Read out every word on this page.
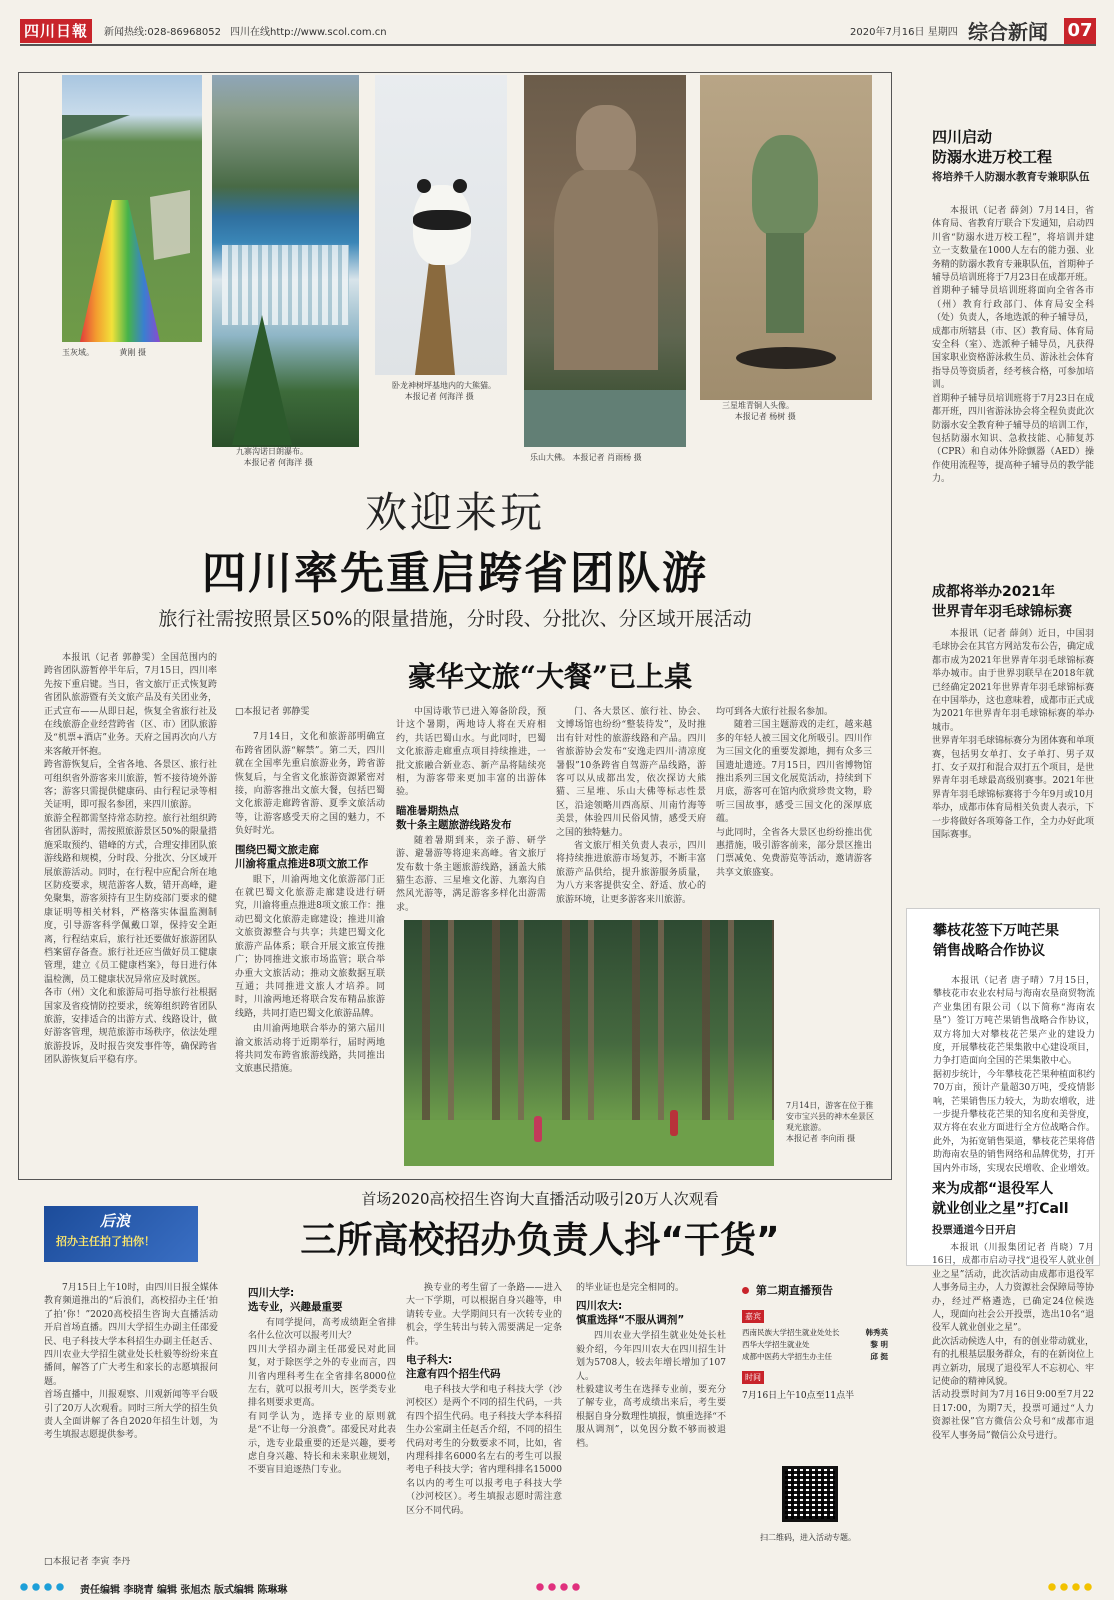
四川日報	新闻热线:028-86968052 四川在线http://www.scol.com.cn	2020年7月16日 星期四 综合新闻 07
玉灰域。          黄刚 摄
九寨沟诺日朗瀑布。
本报记者 何海洋 摄
卧龙神树坪基地内的大熊猫。
本报记者 何海洋 摄
乐山大佛。 本报记者 肖雨杨 摄
三星堆青铜人头像。
本报记者 杨树 摄
欢迎来玩
四川率先重启跨省团队游
旅行社需按照景区50%的限量措施，分时段、分批次、分区域开展活动
豪华文旅“大餐”已上桌
本报讯（记者 郭静雯）全国范围内的跨省团队游暂停半年后，7月15日，四川率先按下重启键。当日，省文旅厅正式恢复跨省团队旅游暨有关文旅产品及有关团业务，正式宣布——从即日起，恢复全省旅行社及在线旅游企业经营跨省（区、市）团队旅游及“机票+酒店”业务。天府之国再次向八方来客敞开怀抱。
跨省游恢复后，全省各地、各景区、旅行社可组织省外游客来川旅游，暂不接待境外游客；游客只需提供健康码、由行程记录等相关证明，即可报名参团，来四川旅游。
旅游全程都需坚持常态防控。旅行社组织跨省团队游时，需按照旅游景区50%的限量措施采取预约、错峰的方式，合理安排团队旅游线路和规模，分时段、分批次、分区域开展旅游活动。同时，在行程中应配合所在地区防疫要求，规范游客人数，错开高峰，避免聚集，游客须持有卫生防疫部门要求的健康证明等相关材料，严格落实体温监测制度，引导游客科学佩戴口罩，保持安全距离，行程结束后，旅行社还要做好旅游团队档案留存备查。旅行社还应当做好员工健康管理，建立《员工健康档案》，每日进行体温检测，员工健康状况异常应及时就医。
各市（州）文化和旅游局可指导旅行社根据国家及省疫情防控要求，统筹组织跨省团队旅游，安排适合的出游方式、线路设计，做好游客管理，规范旅游市场秩序，依法处理旅游投诉，及时报告突发事件等，确保跨省团队游恢复后平稳有序。
□本报记者 郭静雯
7月14日，文化和旅游部明确宣布跨省团队游“解禁”。第二天，四川就在全国率先重启旅游业务，跨省游恢复后，与全省文化旅游资源紧密对接，向游客推出文旅大餐，包括巴蜀文化旅游走廊跨省游、夏季文旅活动等，让游客感受天府之国的魅力，不负好时光。
围绕巴蜀文旅走廊
川渝将重点推进8项文旅工作
眼下，川渝两地文化旅游部门正在就巴蜀文化旅游走廊建设进行研究，川渝将重点推进8项文旅工作：推动巴蜀文化旅游走廊建设；推进川渝文旅资源整合与共享；共建巴蜀文化旅游产品体系；联合开展文旅宣传推广；协同推进文旅市场监管；联合举办重大文旅活动；推动文旅数据互联互通；共同推进文旅人才培养。同时，川渝两地还将联合发布精品旅游线路，共同打造巴蜀文化旅游品牌。
由川渝两地联合举办的第六届川渝文旅活动将于近期举行，届时两地将共同发布跨省旅游线路，共同推出文旅惠民措施。
中国诗歌节已进入筹备阶段，预计这个暑期，两地诗人将在天府相约，共话巴蜀山水。与此同时，巴蜀文化旅游走廊重点项目持续推进，一批文旅融合新业态、新产品将陆续亮相，为游客带来更加丰富的出游体验。
瞄准暑期热点
数十条主题旅游线路发布
随着暑期到来，亲子游、研学游、避暑游等将迎来高峰。省文旅厅发布数十条主题旅游线路，涵盖大熊猫生态游、三星堆文化游、九寨沟自然风光游等，满足游客多样化出游需求。
门、各大景区、旅行社、协会、文博场馆也纷纷“整装待发”，及时推出有针对性的旅游线路和产品。四川省旅游协会发布“安逸走四川·清凉度暑假”10条跨省自驾游产品线路，游客可以从成都出发，依次探访大熊猫、三星堆、乐山大佛等标志性景区，沿途领略川西高原、川南竹海等美景，体验四川民俗风情，感受天府之国的独特魅力。
省文旅厅相关负责人表示，四川将持续推进旅游市场复苏，不断丰富旅游产品供给，提升旅游服务质量，为八方来客提供安全、舒适、放心的旅游环境，让更多游客来川旅游。
均可到各大旅行社报名参加。
随着三国主题游戏的走红，越来越多的年轻人被三国文化所吸引。四川作为三国文化的重要发源地，拥有众多三国遗址遗迹。7月15日，四川省博物馆推出系列三国文化展览活动，持续到下月底，游客可在馆内欣赏珍贵文物，聆听三国故事，感受三国文化的深厚底蕴。
与此同时，全省各大景区也纷纷推出优惠措施，吸引游客前来，部分景区推出门票减免、免费游览等活动，邀请游客共享文旅盛宴。
7月14日，游客在位于雅安市宝兴县的神木垒景区观光旅游。
本报记者 李向雨 摄
四川启动
防溺水进万校工程
将培养千人防溺水教育专兼职队伍
本报讯（记者 薛剑）7月14日，省体育局、省教育厅联合下发通知，启动四川省“防溺水进万校工程”，将培训并建立一支数量在1000人左右的能力强、业务精的防溺水教育专兼职队伍，首期种子辅导员培训班将于7月23日在成都开班。
首期种子辅导员培训班将面向全省各市（州）教育行政部门、体育局安全科（处）负责人，各地选派的种子辅导员，成都市所辖县（市、区）教育局、体育局安全科（室）、选派种子辅导员，凡获得国家职业资格游泳救生员、游泳社会体育指导员等资质者，经考核合格，可参加培训。
首期种子辅导员培训班将于7月23日在成都开班，四川省游泳协会将全程负责此次防溺水安全教育种子辅导员的培训工作，包括防溺水知识、急救技能、心肺复苏（CPR）和自动体外除颤器（AED）操作使用流程等，提高种子辅导员的教学能力。
成都将举办2021年
世界青年羽毛球锦标赛
本报讯（记者 薛剑）近日，中国羽毛球协会在其官方网站发布公告，确定成都市成为2021年世界青年羽毛球锦标赛举办城市。由于世界羽联早在2018年就已经确定2021年世界青年羽毛球锦标赛在中国举办，这也意味着，成都市正式成为2021年世界青年羽毛球锦标赛的举办城市。
世界青年羽毛球锦标赛分为团体赛和单项赛，包括男女单打、女子单打、男子双打、女子双打和混合双打五个项目，是世界青年羽毛球最高级别赛事。2021年世界青年羽毛球锦标赛将于今年9月或10月举办，成都市体育局相关负责人表示，下一步将做好各项筹备工作，全力办好此项国际赛事。
攀枝花签下万吨芒果
销售战略合作协议
本报讯（记者 唐子晴）7月15日，攀枝花市农业农村局与海南农垦商贸物流产业集团有限公司（以下简称“海南农垦”）签订万吨芒果销售战略合作协议，双方将加大对攀枝花芒果产业的建设力度，开展攀枝花芒果集散中心建设项目，力争打造面向全国的芒果集散中心。
据初步统计，今年攀枝花芒果种植面积约70万亩，预计产量超30万吨，受疫情影响，芒果销售压力较大，为助农增收，进一步提升攀枝花芒果的知名度和美誉度，双方将在农业方面进行全方位战略合作。
此外，为拓宽销售渠道，攀枝花芒果将借助海南农垦的销售网络和品牌优势，打开国内外市场，实现农民增收、企业增效。
来为成都“退役军人
就业创业之星”打Call
投票通道今日开启
本报讯（川报集团记者 肖晓）7月16日，成都市启动寻找“退役军人就业创业之星”活动，此次活动由成都市退役军人事务局主办，人力资源社会保障局等协办，经过严格遴选，已确定24位候选人，现面向社会公开投票，选出10名“退役军人就业创业之星”。
此次活动候选人中，有的创业带动就业，有的扎根基层服务群众，有的在新岗位上再立新功，展现了退役军人不忘初心、牢记使命的精神风貌。
活动投票时间为7月16日9:00至7月22日17:00，为期7天，投票可通过“人力资源社保”官方微信公众号和“成都市退役军人事务局”微信公众号进行。
后浪
招办主任拍了拍你！
首场2020高校招生咨询大直播活动吸引20万人次观看
三所高校招办负责人抖“干货”
7月15日上午10时，由四川日报全媒体教育频道推出的“后浪们，高校招办主任‘拍了拍’你！”2020高校招生咨询大直播活动开启首场直播。四川大学招生办副主任邵爱民、电子科技大学本科招生办副主任赵舌、四川农业大学招生就业处长杜毅等纷纷来直播间，解答了广大考生和家长的志愿填报问题。
首场直播中，川报观察、川观新闻等平台吸引了20万人次观看。同时三所大学的招生负责人全面讲解了各自2020年招生计划，为考生填报志愿提供参考。
□本报记者 李寅 李丹
四川大学:
选专业，兴趣最重要
有同学提问，高考成绩距全省排名什么位次可以报考川大？
四川大学招办副主任邵爱民对此回复，对于除医学之外的专业而言，四川省内理科考生在全省排名8000位左右，就可以报考川大，医学类专业排名则要求更高。
有同学认为，选择专业的原则就是“不让每一分浪费”。邵爱民对此表示，选专业最重要的还是兴趣，要考虑自身兴趣、特长和未来职业规划，不要盲目追逐热门专业。
换专业的考生留了一条路——进入大一下学期，可以根据自身兴趣等，申请转专业。大学期间只有一次转专业的机会，学生转出与转入需要满足一定条件。
电子科大:
注意有四个招生代码
电子科技大学和电子科技大学（沙河校区）是两个不同的招生代码，一共有四个招生代码。电子科技大学本科招生办公室副主任赵舌介绍，不同的招生代码对考生的分数要求不同，比如，省内理科排名6000名左右的考生可以报考电子科技大学；省内理科排名15000名以内的考生可以报考电子科技大学（沙河校区）。考生填报志愿时需注意区分不同代码。
的毕业证也是完全相同的。
四川农大:
慎重选择“不服从调剂”
四川农业大学招生就业处处长杜毅介绍，今年四川农大在四川招生计划为5708人，较去年增长增加了107人。
杜毅建议考生在选择专业前，要充分了解专业，高考成绩出来后，考生要根据自身分数理性填报，慎重选择“不服从调剂”，以免因分数不够而被退档。
第二期直播预告
嘉宾
西南民族大学招生就业处处长	韩秀英
西华大学招生就业处	黎 明
成都中医药大学招生办主任	邱 挺
时间
7月16日上午10点至11点半
扫二维码，进入活动专题。
责任编辑 李晓青 编辑 张旭杰 版式编辑 陈琳琳
